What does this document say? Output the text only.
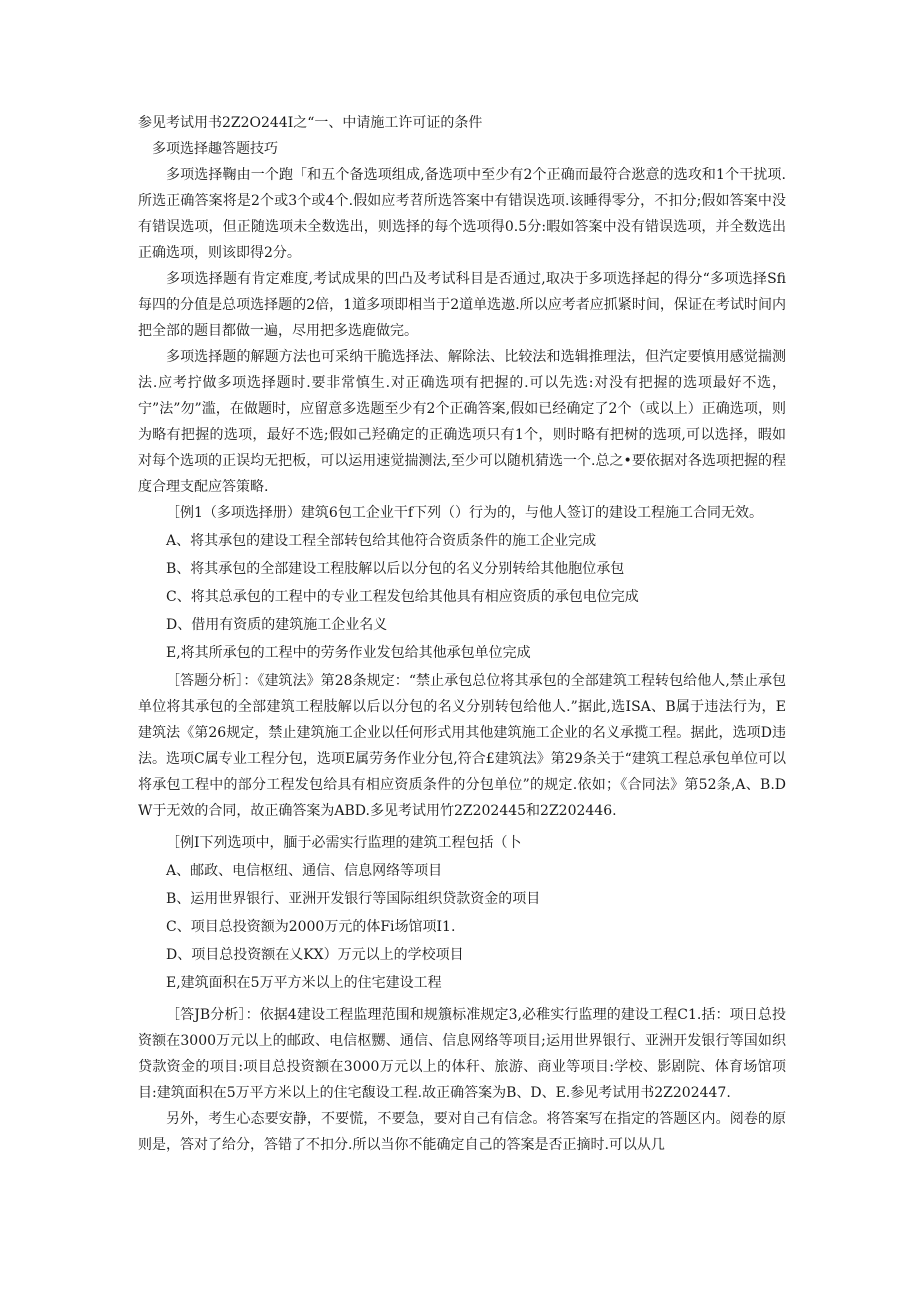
参见考试用书2Z2O244I之“一、中请施工许可证的条件

多项选择趣答题技巧

多项选择鞠由一个跑「和五个备选项组成,备选项中至少有2个正确而最符合逖意的选攻和1个干扰项.所选正确答案将是2个或3个或4个.假如应考苕所选答案中有错误选项.该睡得零分，不扣分;假如答案中没有错误选项，但正随选项未全数选出，则选择的每个选项得0.5分:暇如答案中没有错误选项，并全数选出正确选项，则该即得2分。

多项选择题有肯定难度,考试成果的凹凸及考试科目是否通过,取决于多项选择起的得分“多项选择Sfi每四的分值是总项选择题的2倍，1道多项即相当于2道单选遨.所以应考者应抓紧时间，保证在考试时间内把全部的题目都做一遍，尽用把多选鹿做完。

多项选择题的解题方法也可采纳干脆选择法、解除法、比较法和选辑推理法，但汽定要慎用感觉揣测法.应考拧做多项选择题时.要非常慎生.对正确选项有把握的.可以先选:对没有把握的选项最好不选，宁”法”勿”滥，在做题时，应留意多选题至少有2个正确答案,假如已经确定了2个（或以上）正确选项，则为略有把握的选项，最好不选;假如己羟确定的正确选项只有1个，则时略有把树的选项,可以选择，暇如对每个选项的正误均无把板，可以运用速觉揣测法,至少可以随机猜选一个.总之•要依据对各选项把握的程度合理支配应答策略.

［例1（多项选择册）建筑6包工企业干f下列（）行为的，与他人签订的建设工程施工合同无效。

A、将其承包的建设工程全部转包给其他符合资质条件的施工企业完成

B、将其承包的全部建设工程肢解以后以分包的名义分别转给其他胞位承包

C、将其总承包的工程中的专业工程发包给其他具有相应资质的承包电位完成

D、借用有资质的建筑施工企业名义

E,将其所承包的工程中的劳务作业发包给其他承包单位完成

［答题分析］：《建筑法》第28条规定：“禁止承包总位将其承包的全部建筑工程转包给他人,禁止承包单位将其承包的全部建筑工程肢解以后以分包的名义分别转包给他人.”据此,选ISA、B属于违法行为，E建筑法《第26规定，禁止建筑施工企业以任何形式用其他建筑施工企业的名义承揽工程。据此，选项D违法。选项C属专业工程分包，选项E属劳务作业分包,符合£建筑法》第29条关于“建筑工程总承包单位可以将承包工程中的部分工程发包给具有相应资质条件的分包单位”的规定.依如；《合同法》第52条,A、B.DW于无效的合同，故正确答案为ABD.多见考试用竹2Z202445和2Z202446.

［例I下列选项中，腼于必需实行监理的建筑工程包括（卜

A、邮政、电信枢纽、通信、信息网络等项目

B、运用世界银行、亚洲开发银行等国际组织贷款资金的项目

C、项目总投资额为2000万元的体Fi场馆项I1.

D、项目总投资额在乂KX）万元以上的学校项目

E,建筑面积在5万平方米以上的住宅建设工程

［答JB分析］：依据4建设工程监理范围和规籏标准规定3,必稚实行监理的建设工程C1.括：项日总投资额在3000万元以上的邮政、电信枢嬲、通信、信息网络等项目;运用世界银行、亚洲开发银行等国如织贷款资金的项目:项目总投资额在3000万元以上的体秆、旅游、商业等项目:学校、影剧院、体育场馆项目:建筑面积在5万平方米以上的住宅馥设工程.故正确答案为B、D、E.参见考试用书2Z202447.

另外，考生心态要安静，不要慌，不要急，要对自己有信念。将答案写在指定的答题区内。阅卷的原则是，答对了给分，答错了不扣分.所以当你不能确定自己的答案是否正摘时.可以从几
